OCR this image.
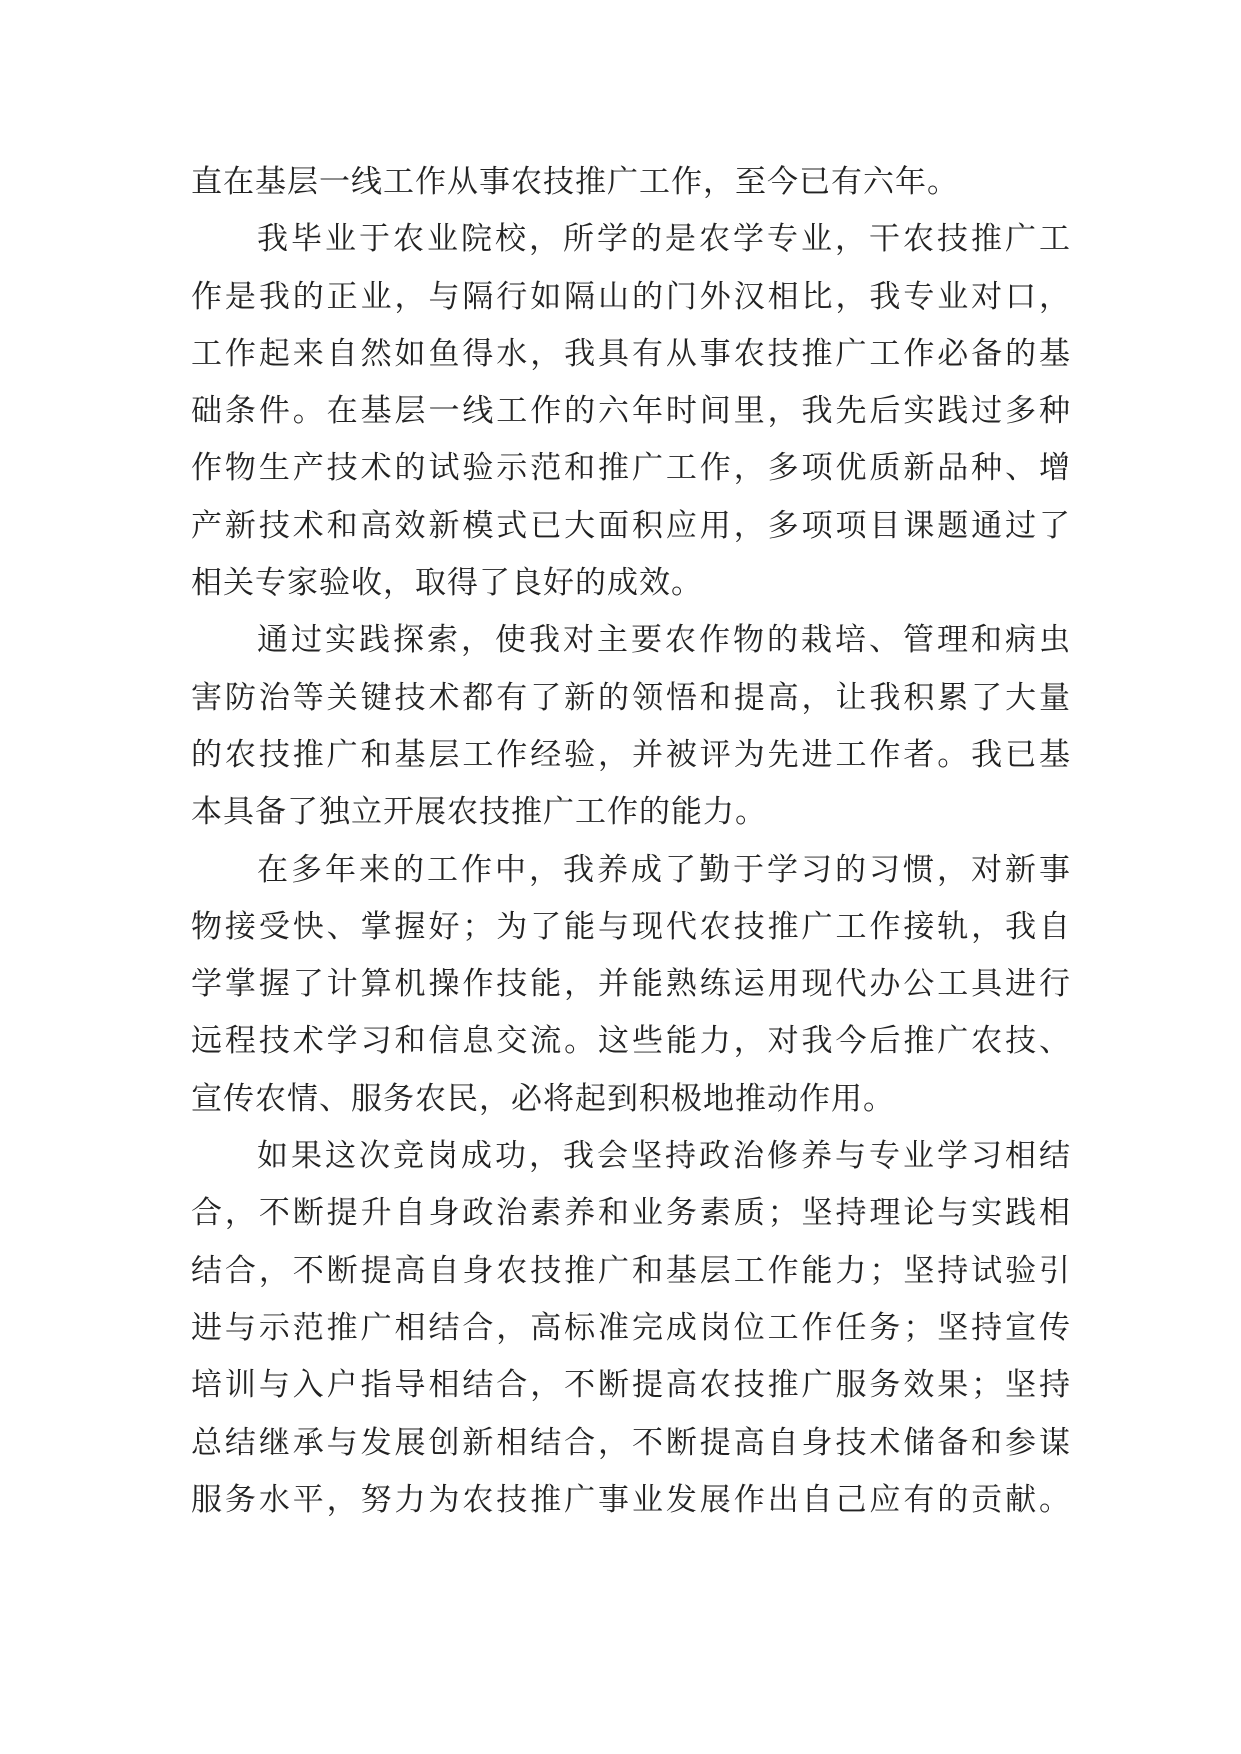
直在基层一线工作从事农技推广工作，至今已有六年。
我毕业于农业院校，所学的是农学专业，干农技推广工
作是我的正业，与隔行如隔山的门外汉相比，我专业对口，
工作起来自然如鱼得水，我具有从事农技推广工作必备的基
础条件。在基层一线工作的六年时间里，我先后实践过多种
作物生产技术的试验示范和推广工作，多项优质新品种、增
产新技术和高效新模式已大面积应用，多项项目课题通过了
相关专家验收，取得了良好的成效。
通过实践探索，使我对主要农作物的栽培、管理和病虫
害防治等关键技术都有了新的领悟和提高，让我积累了大量
的农技推广和基层工作经验，并被评为先进工作者。我已基
本具备了独立开展农技推广工作的能力。
在多年来的工作中，我养成了勤于学习的习惯，对新事
物接受快、掌握好；为了能与现代农技推广工作接轨，我自
学掌握了计算机操作技能，并能熟练运用现代办公工具进行
远程技术学习和信息交流。这些能力，对我今后推广农技、
宣传农情、服务农民，必将起到积极地推动作用。
如果这次竞岗成功，我会坚持政治修养与专业学习相结
合，不断提升自身政治素养和业务素质；坚持理论与实践相
结合，不断提高自身农技推广和基层工作能力；坚持试验引
进与示范推广相结合，高标准完成岗位工作任务；坚持宣传
培训与入户指导相结合，不断提高农技推广服务效果；坚持
总结继承与发展创新相结合，不断提高自身技术储备和参谋
服务水平，努力为农技推广事业发展作出自己应有的贡献。
